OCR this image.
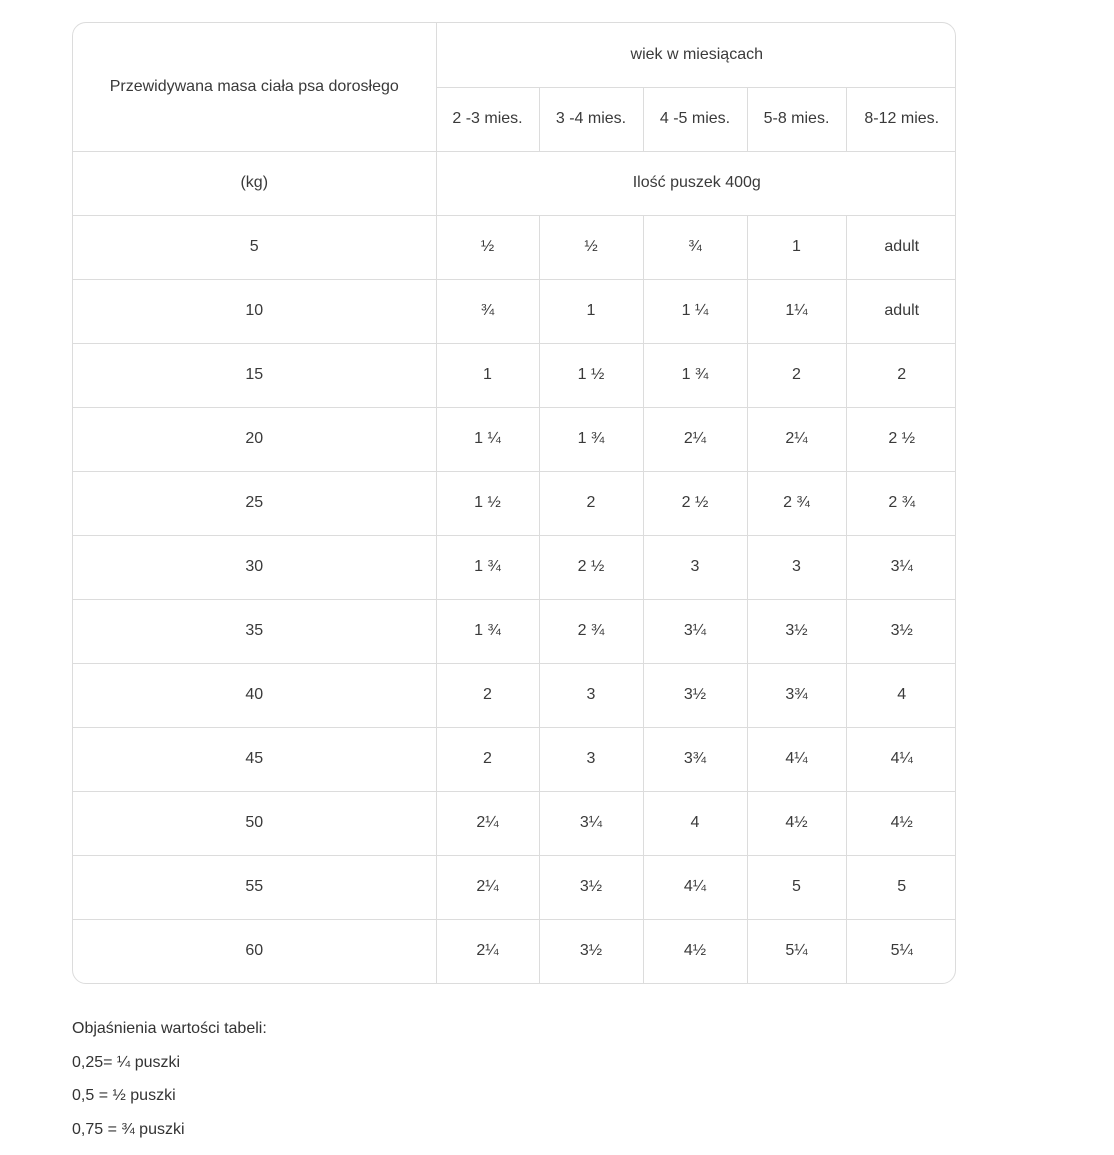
Przewidywana masa ciała psa dorosłego	wiek w miesiącach				
	2 -3 mies.	3 -4 mies.	4 -5 mies.	5-8 mies.	8-12 mies.
(kg)	Ilość puszek 400g				
5	½	½	¾	1	adult
10	¾	1	1 ¼	1¼	adult
15	1	1 ½	1 ¾	2	2
20	1 ¼	1 ¾	2¼	2¼	2 ½
25	1 ½	2	2 ½	2 ¾	2 ¾
30	1 ¾	2 ½	3	3	3¼
35	1 ¾	2 ¾	3¼	3½	3½
40	2	3	3½	3¾	4
45	2	3	3¾	4¼	4¼
50	2¼	3¼	4	4½	4½
55	2¼	3½	4¼	5	5
60	2¼	3½	4½	5¼	5¼

Objaśnienia wartości tabeli:

0,25= ¼ puszki

0,5 = ½ puszki

0,75 = ¾ puszki
